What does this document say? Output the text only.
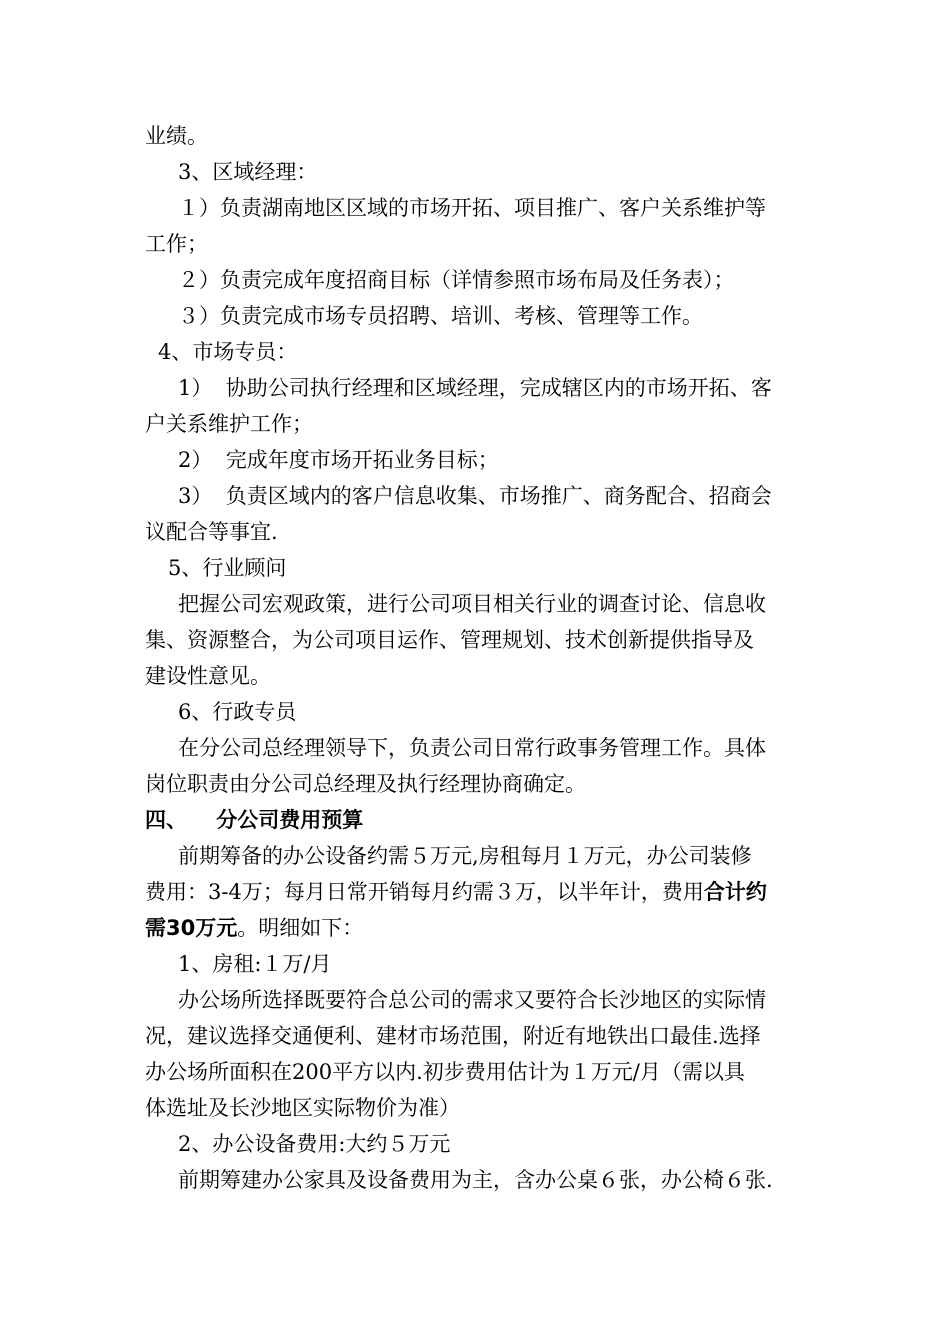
业绩。
3、区域经理：
１）负责湖南地区区域的市场开拓、项目推广、客户关系维护等
工作；
２）负责完成年度招商目标（详情参照市场布局及任务表）；
３）负责完成市场专员招聘、培训、考核、管理等工作。
4、市场专员：
1）  协助公司执行经理和区域经理，完成辖区内的市场开拓、客
户关系维护工作；
2）  完成年度市场开拓业务目标；
3）  负责区域内的客户信息收集、市场推广、商务配合、招商会
议配合等事宜.
5、行业顾问
把握公司宏观政策，进行公司项目相关行业的调查讨论、信息收
集、资源整合，为公司项目运作、管理规划、技术创新提供指导及
建设性意见。
6、行政专员
在分公司总经理领导下，负责公司日常行政事务管理工作。具体
岗位职责由分公司总经理及执行经理协商确定。
四、    分公司费用预算
前期筹备的办公设备约需５万元,房租每月１万元，办公司装修
费用：3-4万；每月日常开销每月约需３万，以半年计，费用合计约
需30万元。明细如下：
1、房租:１万/月
办公场所选择既要符合总公司的需求又要符合长沙地区的实际情
况，建议选择交通便利、建材市场范围，附近有地铁出口最佳.选择
办公场所面积在200平方以内.初步费用估计为１万元/月（需以具
体选址及长沙地区实际物价为准）
2、办公设备费用:大约５万元
前期筹建办公家具及设备费用为主，含办公桌６张，办公椅６张.
